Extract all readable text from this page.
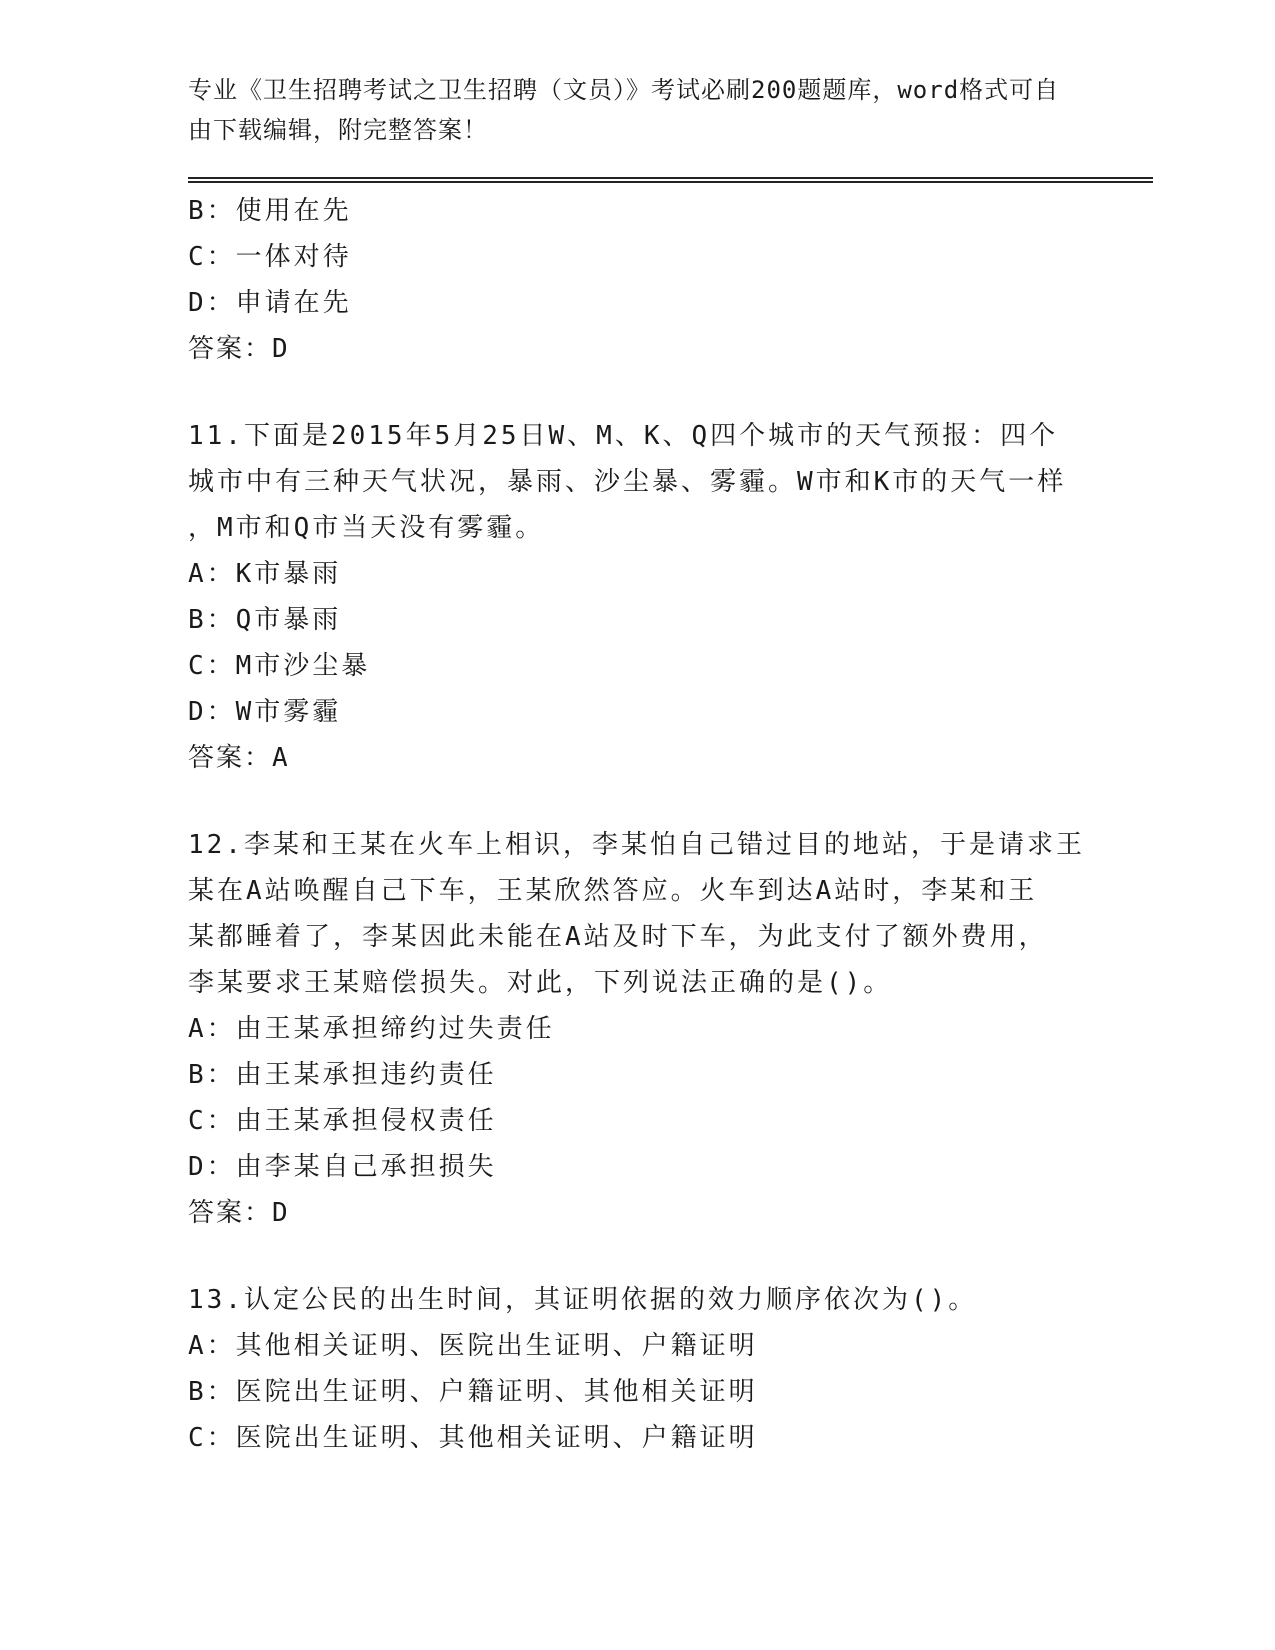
专业《卫生招聘考试之卫生招聘（文员）》考试必刷200题题库，word格式可自
由下载编辑，附完整答案！
B：使用在先
C：一体对待
D：申请在先
答案：D
11.下面是2015年5月25日W、M、K、Q四个城市的天气预报：四个
城市中有三种天气状况，暴雨、沙尘暴、雾霾。W市和K市的天气一样
，M市和Q市当天没有雾霾。
A：K市暴雨
B：Q市暴雨
C：M市沙尘暴
D：W市雾霾
答案：A
12.李某和王某在火车上相识，李某怕自己错过目的地站，于是请求王
某在A站唤醒自己下车，王某欣然答应。火车到达A站时，李某和王
某都睡着了，李某因此未能在A站及时下车，为此支付了额外费用，
李某要求王某赔偿损失。对此，下列说法正确的是()。
A：由王某承担缔约过失责任
B：由王某承担违约责任
C：由王某承担侵权责任
D：由李某自己承担损失
答案：D
13.认定公民的出生时间，其证明依据的效力顺序依次为()。
A：其他相关证明、医院出生证明、户籍证明
B：医院出生证明、户籍证明、其他相关证明
C：医院出生证明、其他相关证明、户籍证明
